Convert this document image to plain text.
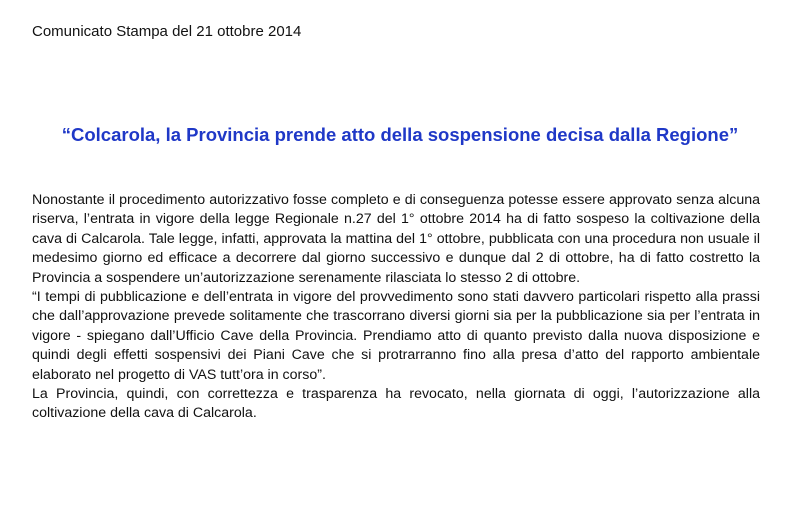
Comunicato Stampa del 21 ottobre 2014
“Colcarola, la Provincia prende atto della sospensione decisa dalla Regione”

Nonostante il procedimento autorizzativo fosse completo e di conseguenza potesse essere approvato senza alcuna riserva, l’entrata in vigore della legge Regionale n.27 del 1° ottobre 2014 ha di fatto sospeso la coltivazione della cava di Calcarola. Tale legge, infatti, approvata la mattina del 1° ottobre, pubblicata con una procedura non usuale il medesimo giorno ed efficace a decorrere dal giorno successivo e dunque dal 2 di ottobre, ha di fatto costretto la Provincia a sospendere un’autorizzazione serenamente rilasciata lo stesso 2 di ottobre.

“I tempi di pubblicazione e dell’entrata in vigore del provvedimento sono stati davvero particolari rispetto alla prassi che dall’approvazione prevede solitamente che trascorrano diversi giorni sia per la pubblicazione sia per l’entrata in vigore - spiegano dall’Ufficio Cave della Provincia. Prendiamo atto di quanto previsto dalla nuova disposizione e quindi degli effetti sospensivi dei Piani Cave che si protrarranno fino alla presa d’atto del rapporto ambientale elaborato nel progetto di VAS tutt’ora in corso”.

La Provincia, quindi, con correttezza e trasparenza ha revocato, nella giornata di oggi, l’autorizzazione alla coltivazione della cava di Calcarola.
